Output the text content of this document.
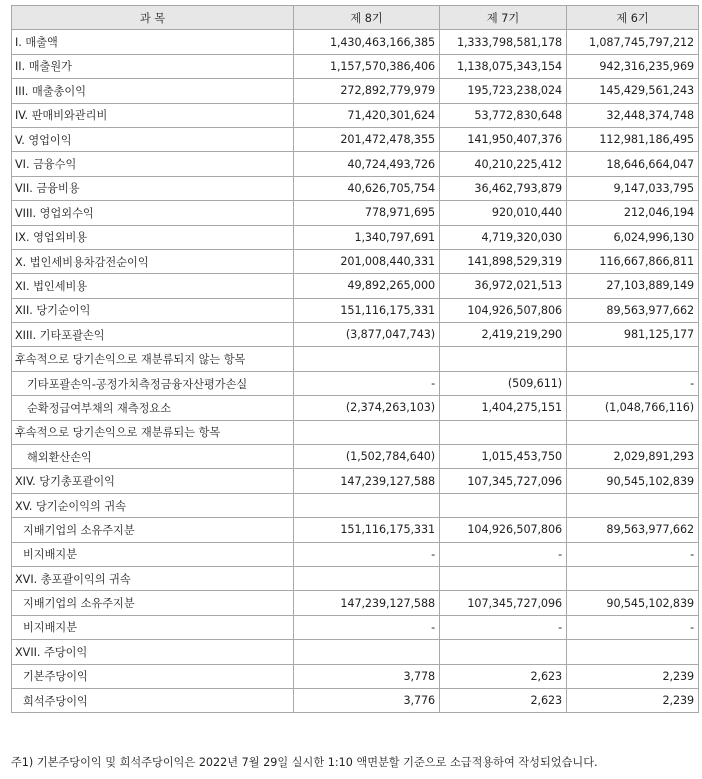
과 목	제 8기	제 7기	제 6기
I. 매출액	1,430,463,166,385	1,333,798,581,178	1,087,745,797,212
II. 매출원가	1,157,570,386,406	1,138,075,343,154	942,316,235,969
III. 매출총이익	272,892,779,979	195,723,238,024	145,429,561,243
IV. 판매비와관리비	71,420,301,624	53,772,830,648	32,448,374,748
V. 영업이익	201,472,478,355	141,950,407,376	112,981,186,495
VI. 금융수익	40,724,493,726	40,210,225,412	18,646,664,047
VII. 금융비용	40,626,705,754	36,462,793,879	9,147,033,795
VIII. 영업외수익	778,971,695	920,010,440	212,046,194
IX. 영업외비용	1,340,797,691	4,719,320,030	6,024,996,130
X. 법인세비용차감전순이익	201,008,440,331	141,898,529,319	116,667,866,811
XI. 법인세비용	49,892,265,000	36,972,021,513	27,103,889,149
XII. 당기순이익	151,116,175,331	104,926,507,806	89,563,977,662
XIII. 기타포괄손익	(3,877,047,743)	2,419,219,290	981,125,177
후속적으로 당기손익으로 재분류되지 않는 항목			
기타포괄손익-공정가치측정금융자산평가손실	-	(509,611)	-
순확정급여부채의 재측정요소	(2,374,263,103)	1,404,275,151	(1,048,766,116)
후속적으로 당기손익으로 재분류되는 항목			
해외환산손익	(1,502,784,640)	1,015,453,750	2,029,891,293
XIV. 당기총포괄이익	147,239,127,588	107,345,727,096	90,545,102,839
XV. 당기순이익의 귀속			
지배기업의 소유주지분	151,116,175,331	104,926,507,806	89,563,977,662
비지배지분	-	-	-
XVI. 총포괄이익의 귀속			
지배기업의 소유주지분	147,239,127,588	107,345,727,096	90,545,102,839
비지배지분	-	-	-
XVII. 주당이익			
기본주당이익	3,778	2,623	2,239
희석주당이익	3,776	2,623	2,239
주1) 기본주당이익 및 희석주당이익은 2022년 7월 29일 실시한 1:10 액면분할 기준으로 소급적용하여 작성되었습니다.
